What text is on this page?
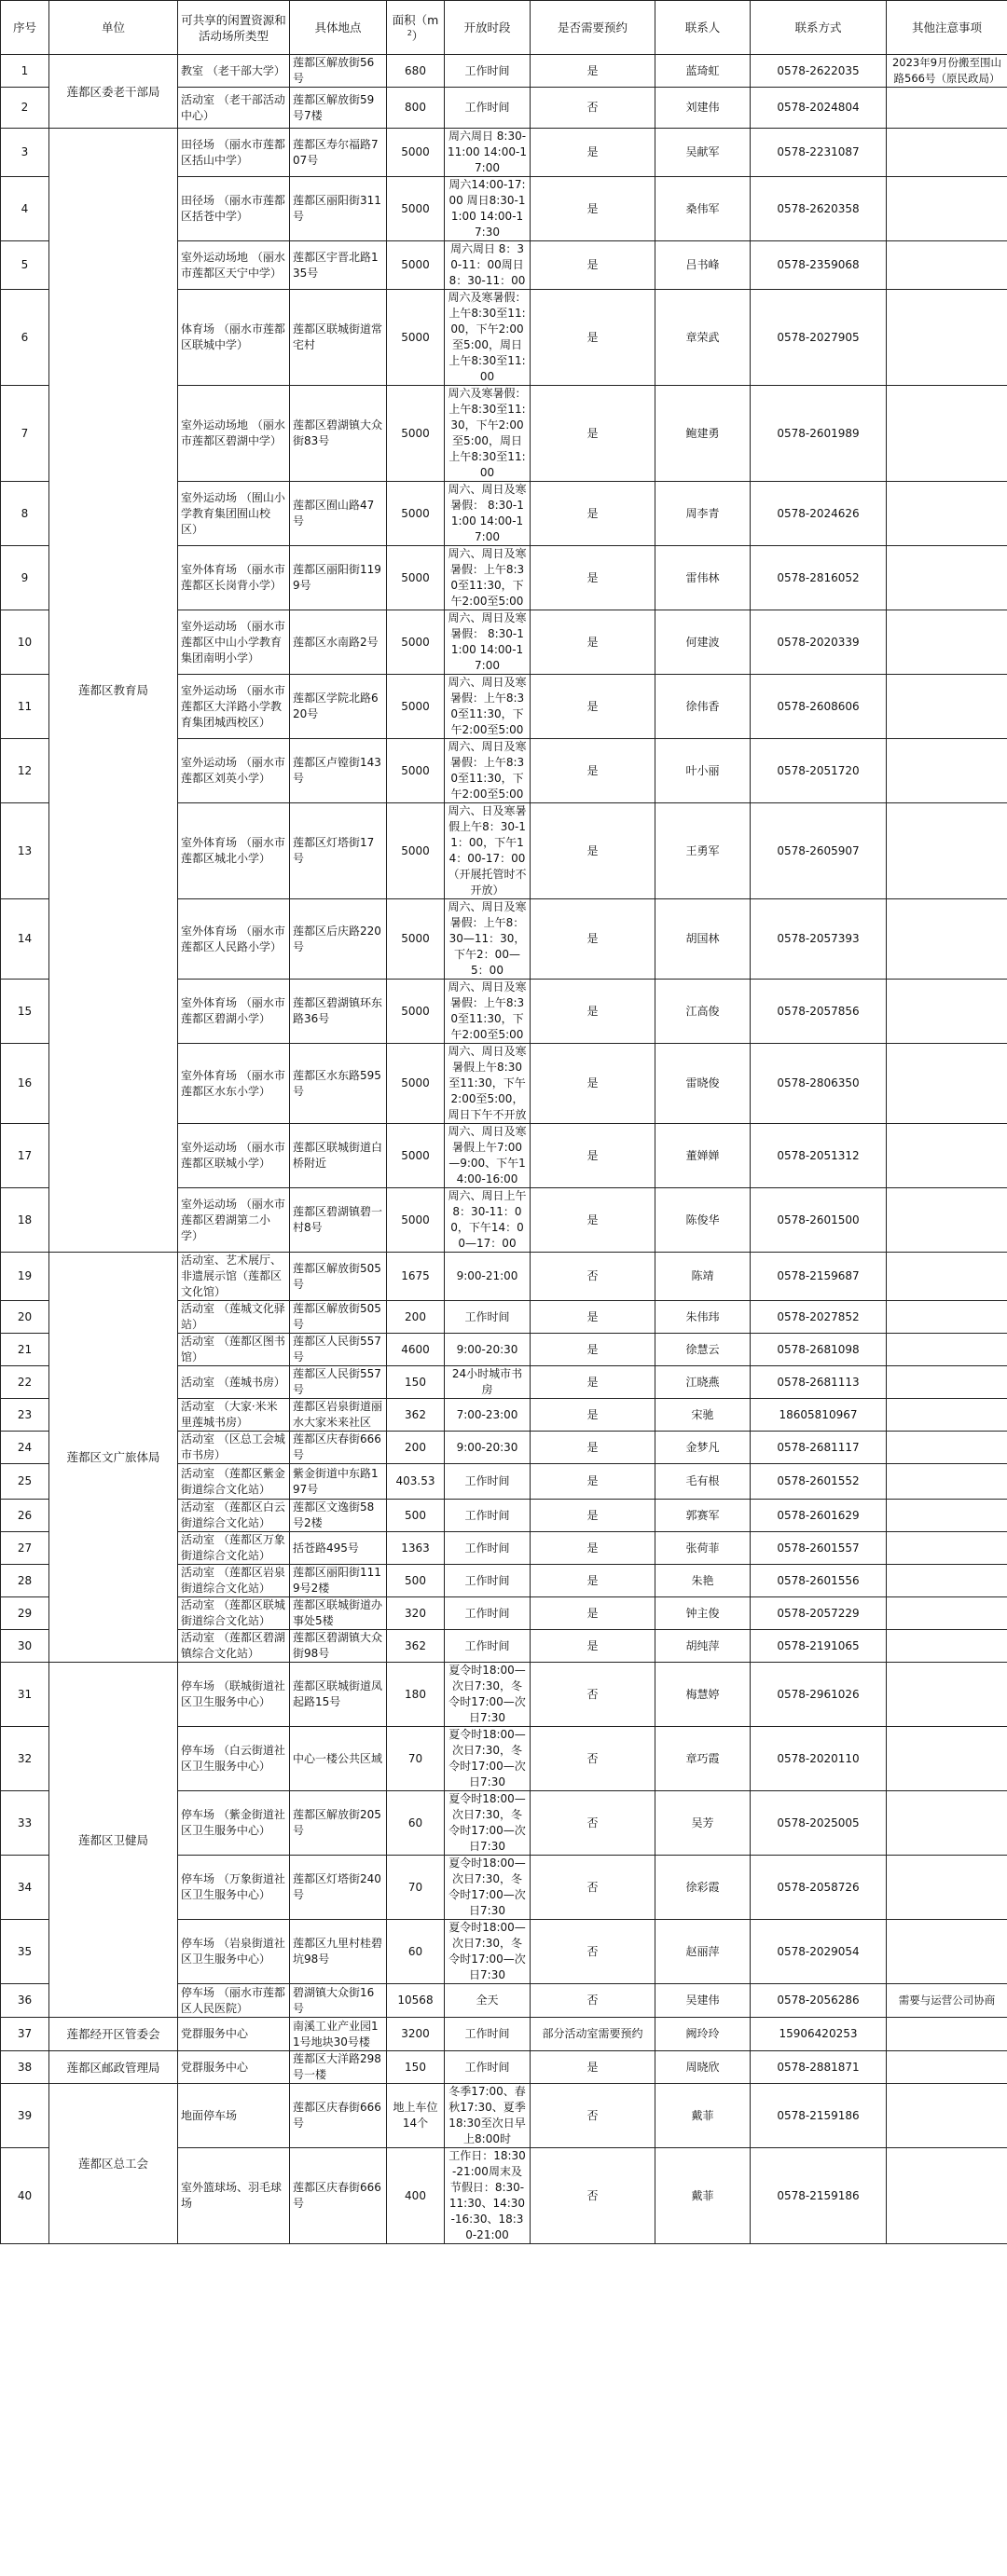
序号	单位	可共享的闲置资源和活动场所类型	具体地点	面积$(m^2)$	开放时段	是否需要预约	联系人	联系方式	其他注意事项
1	莲都区委老干部局	教室 （老干部大学）	莲都区解放街56号	680	工作时间	是	蓝琦虹	0578-2622035	2023年9月份搬至围山路566号（原民政局）
2		活动室 （老干部活动中心）	莲都区解放街59号7楼	800	工作时间	否	刘建伟	0578-2024804	
3	莲都区教育局	田径场 （丽水市莲都区括山中学）	莲都区寿尔福路707号	5000	周六周日 8:30-11:00 14:00-17:00	是	吴献军	0578-2231087	
4		田径场 （丽水市莲都区括苍中学）	莲都区丽阳街311号	5000	周六14:00-17:00 周日8:30-11:00 14:00-17:30	是	桑伟军	0578-2620358	
5		室外运动场地 （丽水市莲都区天宁中学）	莲都区宇晋北路135号	5000	周六周日 8：30-11：00周日8：30-11：00	是	吕书峰	0578-2359068	
6		体育场 （丽水市莲都区联城中学）	莲都区联城街道常宅村	5000	周六及寒暑假：上午8:30至11:00，下午2:00至5:00，周日上午8:30至11:00	是	章荣武	0578-2027905	
7		室外运动场地 （丽水市莲都区碧湖中学）	莲都区碧湖镇大众街83号	5000	周六及寒暑假：上午8:30至11:30，下午2:00至5:00，周日上午8:30至11:00	是	鲍建勇	0578-2601989	
8		室外运动场 （囿山小学教育集团囿山校区）	莲都区囿山路47号	5000	周六、周日及寒暑假： 8:30-11:00 14:00-17:00	是	周李青	0578-2024626	
9		室外体育场 （丽水市莲都区长岗背小学）	莲都区丽阳街1199号	5000	周六、周日及寒暑假：上午8:30至11:30，下午2:00至5:00	是	雷伟林	0578-2816052	
10		室外运动场 （丽水市莲都区中山小学教育集团南明小学）	莲都区水南路2号	5000	周六、周日及寒暑假： 8:30-11:00 14:00-17:00	是	何建波	0578-2020339	
11		室外运动场 （丽水市莲都区大洋路小学教育集团城西校区）	莲都区学院北路620号	5000	周六、周日及寒暑假：上午8:30至11:30，下午2:00至5:00	是	徐伟香	0578-2608606	
12		室外运动场 （丽水市莲都区刘英小学）	莲都区卢镗街143号	5000	周六、周日及寒暑假：上午8:30至11:30，下午2:00至5:00	是	叶小丽	0578-2051720	
13		室外体育场 （丽水市莲都区城北小学）	莲都区灯塔街17号	5000	周六、日及寒暑假上午8：30-11：00，下午14：00-17：00（开展托管时不开放）	是	王勇军	0578-2605907	
14		室外体育场 （丽水市莲都区人民路小学）	莲都区后庆路220号	5000	周六、周日及寒暑假：上午8：30—11：30，下午2：00—5：00	是	胡国林	0578-2057393	
15		室外体育场 （丽水市莲都区碧湖小学）	莲都区碧湖镇环东路36号	5000	周六、周日及寒暑假：上午8:30至11:30，下午2:00至5:00	是	江高俊	0578-2057856	
16		室外体育场 （丽水市莲都区水东小学）	莲都区水东路595号	5000	周六、周日及寒暑假上午8:30至11:30，下午2:00至5:00，周日下午不开放	是	雷晓俊	0578-2806350	
17		室外运动场 （丽水市莲都区联城小学）	莲都区联城街道白桥附近	5000	周六、周日及寒暑假上午7:00—9:00、下午14:00-16:00	是	董婵婵	0578-2051312	
18		室外运动场 （丽水市莲都区碧湖第二小学）	莲都区碧湖镇碧一村8号	5000	周六、周日上午8：30-11：00，下午14：00—17：00	是	陈俊华	0578-2601500	
19	莲都区文广旅体局	活动室、艺术展厅、非遗展示馆（莲都区文化馆）	莲都区解放街505号	1675	9:00-21:00	否	陈靖	0578-2159687	
20		活动室 （莲城文化驿站）	莲都区解放街505号	200	工作时间	是	朱伟玮	0578-2027852	
21		活动室 （莲都区图书馆）	莲都区人民街557号	4600	9:00-20:30	是	徐慧云	0578-2681098	
22		活动室 （莲城书房）	莲都区人民街557号	150	24小时城市书房	是	江晓燕	0578-2681113	
23		活动室 （大家·米米里莲城书房）	莲都区岩泉街道丽水大家米来社区	362	7:00-23:00	是	宋驰	18605810967	
24		活动室 （区总工会城市书房）	莲都区庆春街666号	200	9:00-20:30	是	金梦凡	0578-2681117	
25		活动室 （莲都区紫金街道综合文化站）	紫金街道中东路197号	403.53	工作时间	是	毛有根	0578-2601552	
26		活动室 （莲都区白云街道综合文化站）	莲都区文逸街58号2楼	500	工作时间	是	郭赛军	0578-2601629	
27		活动室 （莲都区万象街道综合文化站）	括苍路495号	1363	工作时间	是	张荷菲	0578-2601557	
28		活动室 （莲都区岩泉街道综合文化站）	莲都区丽阳街1119号2楼	500	工作时间	是	朱艳	0578-2601556	
29		活动室 （莲都区联城街道综合文化站）	莲都区联城街道办事处5楼	320	工作时间	是	钟主俊	0578-2057229	
30		活动室 （莲都区碧湖镇综合文化站）	莲都区碧湖镇大众街98号	362	工作时间	是	胡纯萍	0578-2191065	
31	莲都区卫健局	停车场 （联城街道社区卫生服务中心）	莲都区联城街道凤起路15号	180	夏令时18:00—次日7:30，冬令时17:00—次日7:30	否	梅慧婷	0578-2961026	
32		停车场 （白云街道社区卫生服务中心）	中心一楼公共区域	70	夏令时18:00—次日7:30，冬令时17:00—次日7:30	否	章巧霞	0578-2020110	
33		停车场 （紫金街道社区卫生服务中心）	莲都区解放街205号	60	夏令时18:00—次日7:30，冬令时17:00—次日7:30	否	吴芳	0578-2025005	
34		停车场 （万象街道社区卫生服务中心）	莲都区灯塔街240号	70	夏令时18:00—次日7:30，冬令时17:00—次日7:30	否	徐彩霞	0578-2058726	
35		停车场 （岩泉街道社区卫生服务中心）	莲都区九里村桂碧坑98号	60	夏令时18:00—次日7:30，冬令时17:00—次日7:30	否	赵丽萍	0578-2029054	
36		停车场 （丽水市莲都区人民医院）	碧湖镇大众街16号	10568	全天	否	吴建伟	0578-2056286	需要与运营公司协商
37	莲都经开区管委会	党群服务中心	南溪工业产业园11号地块30号楼	3200	工作时间	部分活动室需要预约	阙玲玲	15906420253	
38	莲都区邮政管理局	党群服务中心	莲都区大洋路298号一楼	150	工作时间	是	周晓欣	0578-2881871	
39	莲都区总工会	地面停车场	莲都区庆春街666号	地上车位14个	冬季17:00、春秋17:30、夏季18:30至次日早上8:00时	否	戴菲	0578-2159186	
40		室外篮球场、羽毛球场	莲都区庆春街666号	400	工作日：18:30-21:00周末及节假日：8:30-11:30、14:30-16:30、18:30-21:00	否	戴菲	0578-2159186	
